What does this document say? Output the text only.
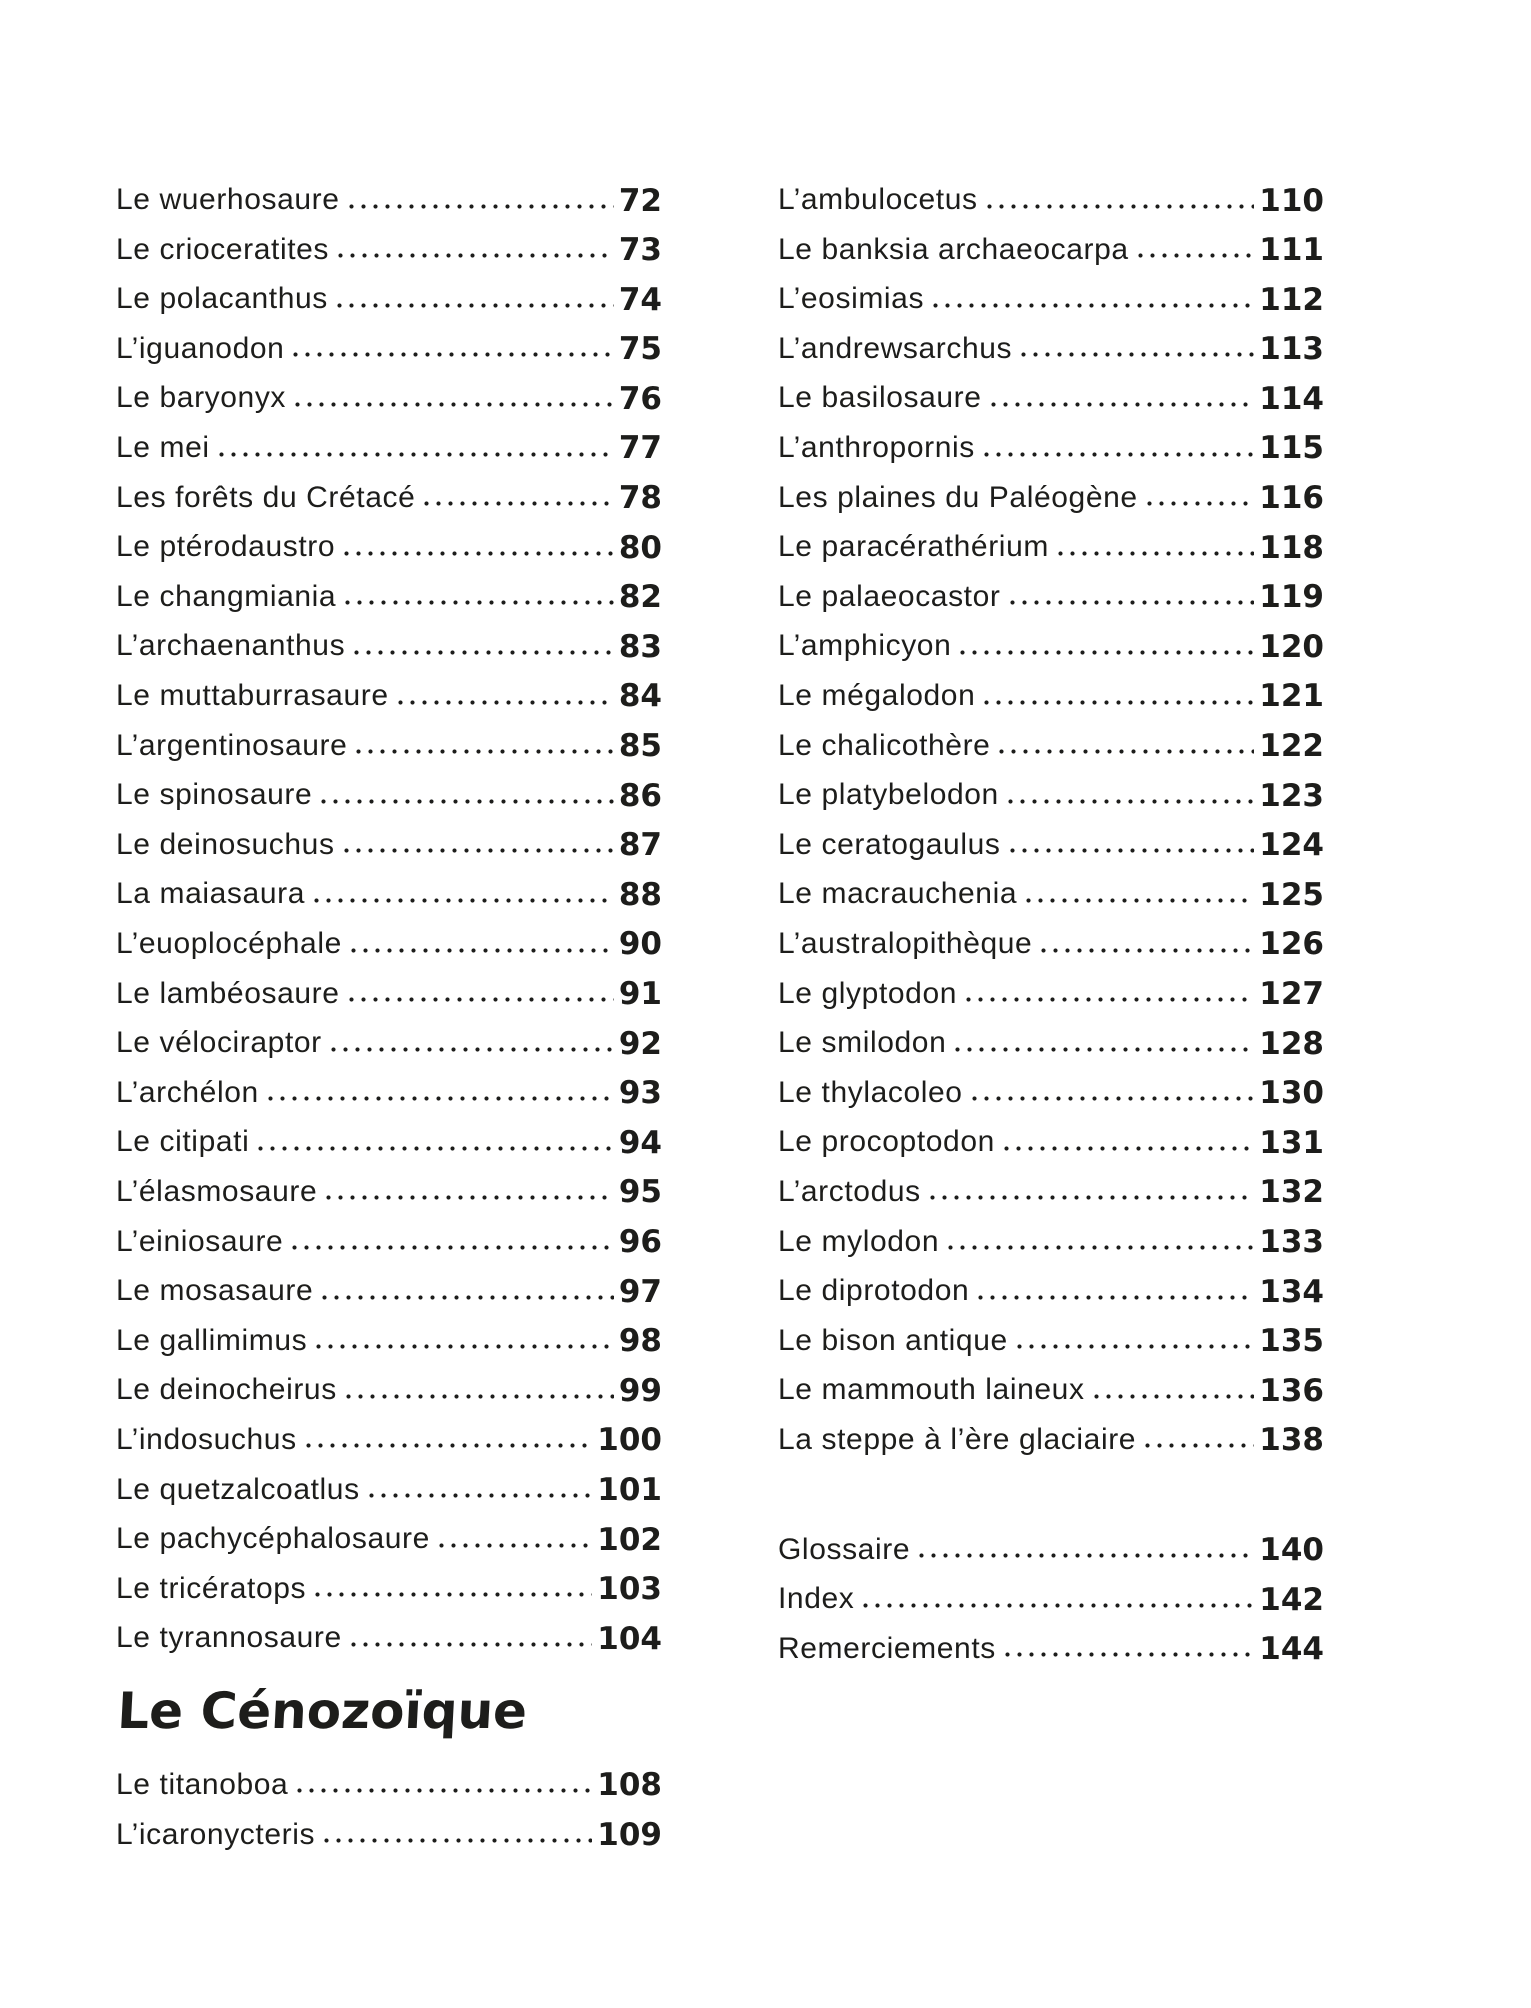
Le wuerhosaure	72
Le crioceratites	73
Le polacanthus	74
L’iguanodon	75
Le baryonyx	76
Le mei	77
Les forêts du Crétacé	78
Le ptérodaustro	80
Le changmiania	82
L’archaenanthus	83
Le muttaburrasaure	84
L’argentinosaure	85
Le spinosaure	86
Le deinosuchus	87
La maiasaura	88
L’euoplocéphale	90
Le lambéosaure	91
Le vélociraptor	92
L’archélon	93
Le citipati	94
L’élasmosaure	95
L’einiosaure	96
Le mosasaure	97
Le gallimimus	98
Le deinocheirus	99
L’indosuchus	100
Le quetzalcoatlus	101
Le pachycéphalosaure	102
Le tricératops	103
Le tyrannosaure	104
Le Cénozoïque
Le titanoboa	108
L’icaronycteris	109
L’ambulocetus	110
Le banksia archaeocarpa	111
L’eosimias	112
L’andrewsarchus	113
Le basilosaure	114
L’anthropornis	115
Les plaines du Paléogène	116
Le paracérathérium	118
Le palaeocastor	119
L’amphicyon	120
Le mégalodon	121
Le chalicothère	122
Le platybelodon	123
Le ceratogaulus	124
Le macrauchenia	125
L’australopithèque	126
Le glyptodon	127
Le smilodon	128
Le thylacoleo	130
Le procoptodon	131
L’arctodus	132
Le mylodon	133
Le diprotodon	134
Le bison antique	135
Le mammouth laineux	136
La steppe à l’ère glaciaire	138
Glossaire	140
Index	142
Remerciements	144
